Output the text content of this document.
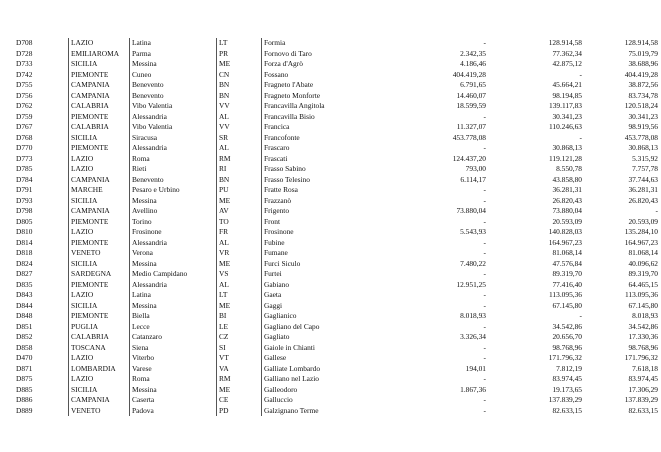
D708	LAZIO	Latina	LT	Formia	-	128.914,58	128.914,58
D728	EMILIAROMA	Parma	PR	Fornovo di Taro	2.342,35	77.362,34	75.019,79
D733	SICILIA	Messina	ME	Forza d'Agrò	4.186,46	42.875,12	38.688,96
D742	PIEMONTE	Cuneo	CN	Fossano	404.419,28	-	404.419,28
D755	CAMPANIA	Benevento	BN	Fragneto l'Abate	6.791,65	45.664,21	38.872,56
D756	CAMPANIA	Benevento	BN	Fragneto Monforte	14.460,07	98.194,85	83.734,78
D762	CALABRIA	Vibo Valentia	VV	Francavilla Angitola	18.599,59	139.117,83	120.518,24
D759	PIEMONTE	Alessandria	AL	Francavilla Bisio	-	30.341,23	30.341,23
D767	CALABRIA	Vibo Valentia	VV	Francica	11.327,07	110.246,63	98.919,56
D768	SICILIA	Siracusa	SR	Francofonte	453.778,08	-	453.778,08
D770	PIEMONTE	Alessandria	AL	Frascaro	-	30.868,13	30.868,13
D773	LAZIO	Roma	RM	Frascati	124.437,20	119.121,28	5.315,92
D785	LAZIO	Rieti	RI	Frasso Sabino	793,00	8.550,78	7.757,78
D784	CAMPANIA	Benevento	BN	Frasso Telesino	6.114,17	43.858,80	37.744,63
D791	MARCHE	Pesaro e Urbino	PU	Fratte Rosa	-	36.281,31	36.281,31
D793	SICILIA	Messina	ME	Frazzanò	-	26.820,43	26.820,43
D798	CAMPANIA	Avellino	AV	Frigento	73.880,04	73.880,04	-
D805	PIEMONTE	Torino	TO	Front	-	20.593,09	20.593,09
D810	LAZIO	Frosinone	FR	Frosinone	5.543,93	140.828,03	135.284,10
D814	PIEMONTE	Alessandria	AL	Fubine	-	164.967,23	164.967,23
D818	VENETO	Verona	VR	Fumane	-	81.068,14	81.068,14
D824	SICILIA	Messina	ME	Furci Siculo	7.480,22	47.576,84	40.096,62
D827	SARDEGNA	Medio Campidano	VS	Furtei	-	89.319,70	89.319,70
D835	PIEMONTE	Alessandria	AL	Gabiano	12.951,25	77.416,40	64.465,15
D843	LAZIO	Latina	LT	Gaeta	-	113.095,36	113.095,36
D844	SICILIA	Messina	ME	Gaggi	-	67.145,80	67.145,80
D848	PIEMONTE	Biella	BI	Gaglianico	8.018,93	-	8.018,93
D851	PUGLIA	Lecce	LE	Gagliano del Capo	-	34.542,86	34.542,86
D852	CALABRIA	Catanzaro	CZ	Gagliato	3.326,34	20.656,70	17.330,36
D858	TOSCANA	Siena	SI	Gaiole in Chianti	-	98.768,96	98.768,96
D470	LAZIO	Viterbo	VT	Gallese	-	171.796,32	171.796,32
D871	LOMBARDIA	Varese	VA	Galliate Lombardo	194,01	7.812,19	7.618,18
D875	LAZIO	Roma	RM	Galliano nel Lazio	-	83.974,45	83.974,45
D885	SICILIA	Messina	ME	Galleodoro	1.867,36	19.173,65	17.306,29
D886	CAMPANIA	Caserta	CE	Galluccio	-	137.839,29	137.839,29
D889	VENETO	Padova	PD	Galzignano Terme	-	82.633,15	82.633,15
